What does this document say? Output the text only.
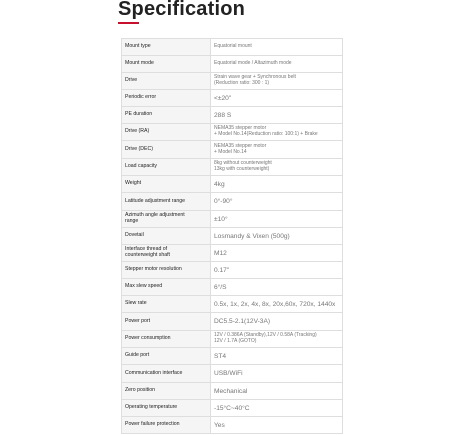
Specification
Mount type	Equatorial mount

Mount mode	Equatorial mode / Altazimuth mode

Drive	Strain wave gear + Synchronous belt
(Reduction ratio: 300 : 1)

Periodic error	<±20"

PE duration	288 S

Drive (RA)	NEMA35 stepper motor
+ Model No.14(Reduction ratio: 100:1) + Brake

Drive (DEC)	NEMA35 stepper motor
+ Model No.14

Load capacity	8kg without counterweight
13kg with counterweight)

Weight	4kg

Latitude adjustment range	0°-90°

Azimuth angle adjustment
range	±10°

Dovetail	Losmandy & Vixen (500g)

Interface thread of
counterweight shaft	M12

Stepper motor resolution	0.17"

Max slew speed	6°/S

Slew rate	0.5x, 1x, 2x, 4x, 8x, 20x,60x, 720x, 1440x

Power port	DC5.5-2.1(12V-3A)

Power consumption	12V / 0.386A (Standby),12V / 0.58A (Tracking)
12V / 1.7A (GOTO)

Guide port	ST4

Communication interface	USB/WiFi

Zero position	Mechanical

Operating temperature	-15°C~40°C

Power failure protection	Yes
